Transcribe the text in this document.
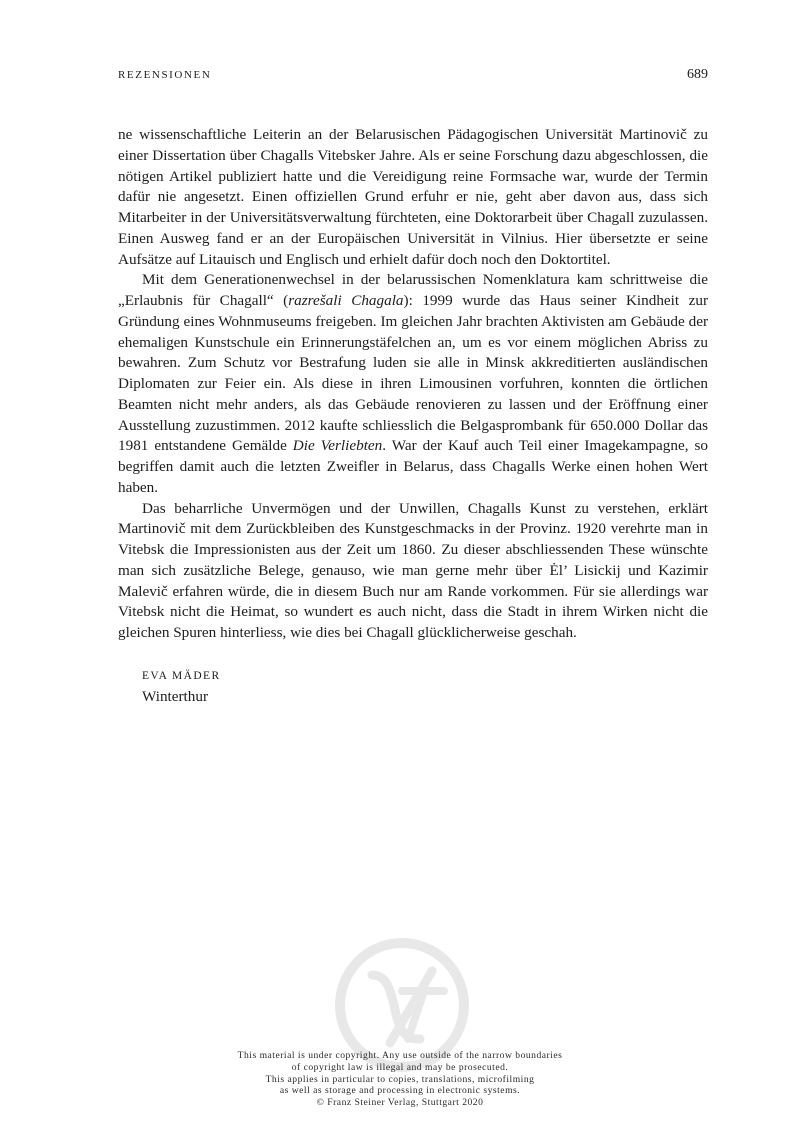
REZENSIONEN	689

ne wissenschaftliche Leiterin an der Belarusischen Pädagogischen Universität Martinovič zu einer Dissertation über Chagalls Vitebsker Jahre. Als er seine Forschung dazu abgeschlossen, die nötigen Artikel publiziert hatte und die Vereidigung reine Formsache war, wurde der Termin dafür nie angesetzt. Einen offiziellen Grund erfuhr er nie, geht aber davon aus, dass sich Mitarbeiter in der Universitätsverwaltung fürchteten, eine Doktorarbeit über Chagall zuzulassen. Einen Ausweg fand er an der Europäischen Universität in Vilnius. Hier übersetzte er seine Aufsätze auf Litauisch und Englisch und erhielt dafür doch noch den Doktortitel.

Mit dem Generationenwechsel in der belarussischen Nomenklatura kam schrittweise die „Erlaubnis für Chagall“ (razrešali Chagala): 1999 wurde das Haus seiner Kindheit zur Gründung eines Wohnmuseums freigeben. Im gleichen Jahr brachten Aktivisten am Gebäude der ehemaligen Kunstschule ein Erinnerungstäfelchen an, um es vor einem möglichen Abriss zu bewahren. Zum Schutz vor Bestrafung luden sie alle in Minsk akkreditierten ausländischen Diplomaten zur Feier ein. Als diese in ihren Limousinen vorfuhren, konnten die örtlichen Beamten nicht mehr anders, als das Gebäude renovieren zu lassen und der Eröffnung einer Ausstellung zuzustimmen. 2012 kaufte schliesslich die Belgasprombank für 650.000 Dollar das 1981 entstandene Gemälde Die Verliebten. War der Kauf auch Teil einer Imagekampagne, so begriffen damit auch die letzten Zweifler in Belarus, dass Chagalls Werke einen hohen Wert haben.

Das beharrliche Unvermögen und der Unwillen, Chagalls Kunst zu verstehen, erklärt Martinovič mit dem Zurückbleiben des Kunstgeschmacks in der Provinz. 1920 verehrte man in Vitebsk die Impressionisten aus der Zeit um 1860. Zu dieser abschliessenden These wünschte man sich zusätzliche Belege, genauso, wie man gerne mehr über Ėl’ Lisickij und Kazimir Malevič erfahren würde, die in diesem Buch nur am Rande vorkommen. Für sie allerdings war Vitebsk nicht die Heimat, so wundert es auch nicht, dass die Stadt in ihrem Wirken nicht die gleichen Spuren hinterliess, wie dies bei Chagall glücklicherweise geschah.

EVA MÄDER
Winterthur
This material is under copyright. Any use outside of the narrow boundaries
of copyright law is illegal and may be prosecuted.
This applies in particular to copies, translations, microfilming
as well as storage and processing in electronic systems.
© Franz Steiner Verlag, Stuttgart 2020
